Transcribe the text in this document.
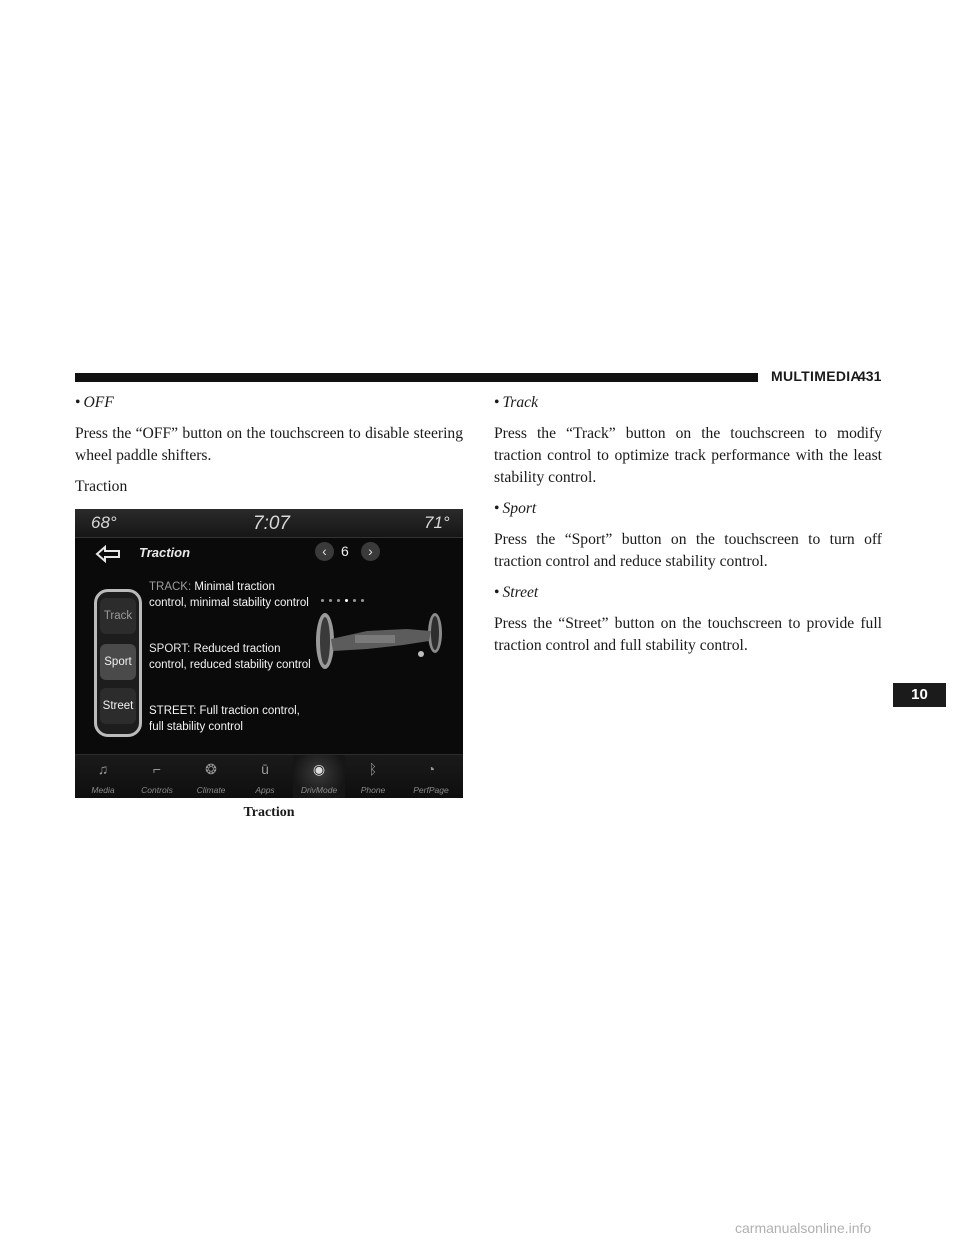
MULTIMEDIA
431

• OFF

Press the “OFF” button on the touchscreen to disable steering wheel paddle shifters.

Traction

68°	7:07	71°
Traction	‹	6	›
Track
Sport
Street
TRACK: Minimal traction control, minimal stability control
SPORT: Reduced traction control, reduced stability control
STREET: Full traction control, full stability control
♫
Media
⌐
Controls
❂
Climate
ū
Apps
◉
DrivMode
ᛒ
Phone
◔
PerfPage
Traction

• Track

Press the “Track” button on the touchscreen to modify traction control to optimize track performance with the least stability control.

• Sport

Press the “Sport” button on the touchscreen to turn off traction control and reduce stability control.

• Street

Press the “Street” button on the touchscreen to provide full traction control and full stability control.

10
carmanualsonline.info
